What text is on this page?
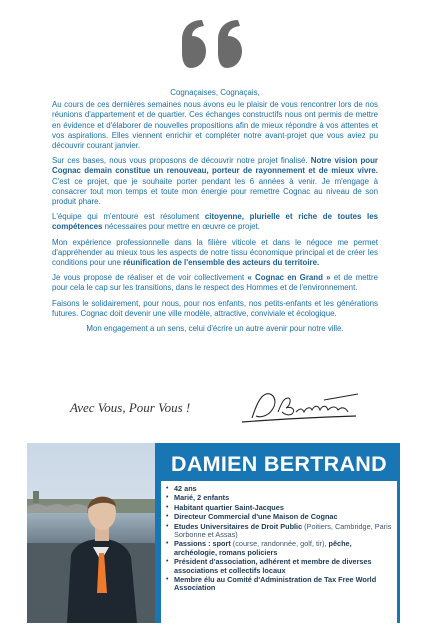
Cognaçaises, Cognaçais,

Au cours de ces dernières semaines nous avons eu le plaisir de vous rencontrer lors de nos réunions d'appartement et de quartier. Ces échanges constructifs nous ont permis de mettre en évidence et d'élaborer de nouvelles propositions afin de mieux répondre à vos attentes et vos aspirations. Elles viennent enrichir et compléter notre avant-projet que vous aviez pu découvrir courant janvier.

Sur ces bases, nous vous proposons de découvrir notre projet finalisé. Notre vision pour Cognac demain constitue un renouveau, porteur de rayonnement et de mieux vivre. C'est ce projet, que je souhaite porter pendant les 6 années à venir. Je m'engage à consacrer tout mon temps et toute mon énergie pour remettre Cognac au niveau de son produit phare.

L'équipe qui m'entoure est résolument citoyenne, plurielle et riche de toutes les compétences nécessaires pour mettre en œuvre ce projet.

Mon expérience professionnelle dans la filière viticole et dans le négoce me permet d'appréhender au mieux tous les aspects de notre tissu économique principal et de créer les conditions pour une réunification de l'ensemble des acteurs du territoire.

Je vous propose de réaliser et de voir collectivement « Cognac en Grand » et de mettre pour cela le cap sur les transitions, dans le respect des Hommes et de l'environnement.

Faisons le solidairement, pour nous, pour nos enfants, nos petits-enfants et les générations futures. Cognac doit devenir une ville modèle, attractive, conviviale et écologique.

Mon engagement a un sens, celui d'écrire un autre avenir pour notre ville.

Avec Vous, Pour Vous !
DAMIEN BERTRAND
• 42 ans
• Marié, 2 enfants
• Habitant quartier Saint-Jacques
• Directeur Commercial d'une Maison de Cognac
• Etudes Universitaires de Droit Public (Poitiers, Cambridge, Paris Sorbonne et Assas)
• Passions : sport (course, randonnée, golf, tir), pêche, archéologie, romans policiers
• Président d'association, adhérent et membre de diverses associations et collectifs locaux
• Membre élu au Comité d'Administration de Tax Free World Association
